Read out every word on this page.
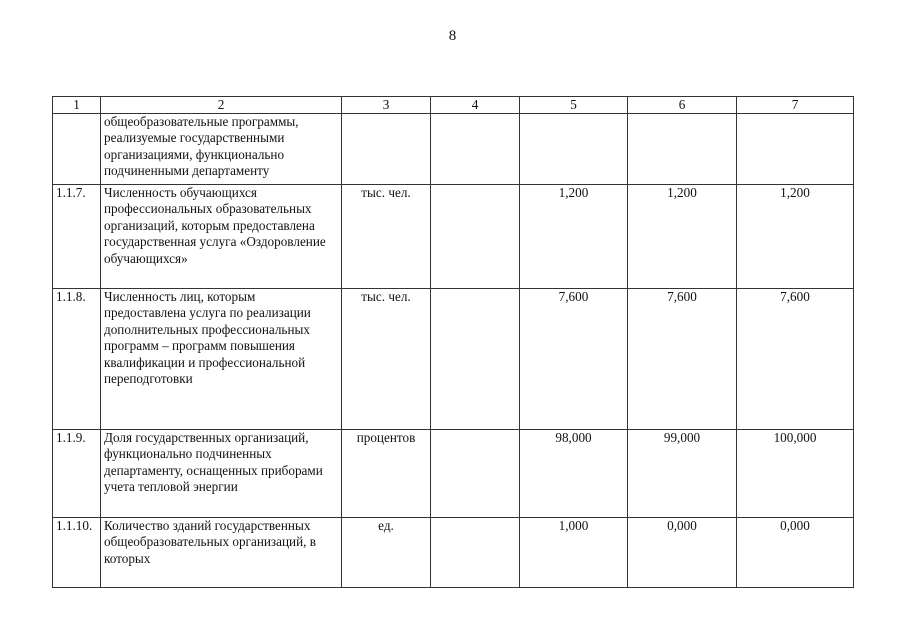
8
1	2	3	4	5	6	7
	общеобразовательные программы, реализуемые государственными организациями, функционально подчиненными департаменту					
1.1.7.	Численность обучающихся профессиональных образовательных организаций, которым предоставлена государственная услуга «Оздоровление обучающихся»	тыс. чел.		1,200	1,200	1,200
1.1.8.	Численность лиц, которым предоставлена услуга по реализации дополнительных профессиональных программ – программ повышения квалификации и профессиональной переподготовки	тыс. чел.		7,600	7,600	7,600
1.1.9.	Доля государственных организаций, функционально подчиненных департаменту, оснащенных приборами учета тепловой энергии	процентов		98,000	99,000	100,000
1.1.10.	Количество зданий государственных общеобразовательных организаций, в которых	ед.		1,000	0,000	0,000
